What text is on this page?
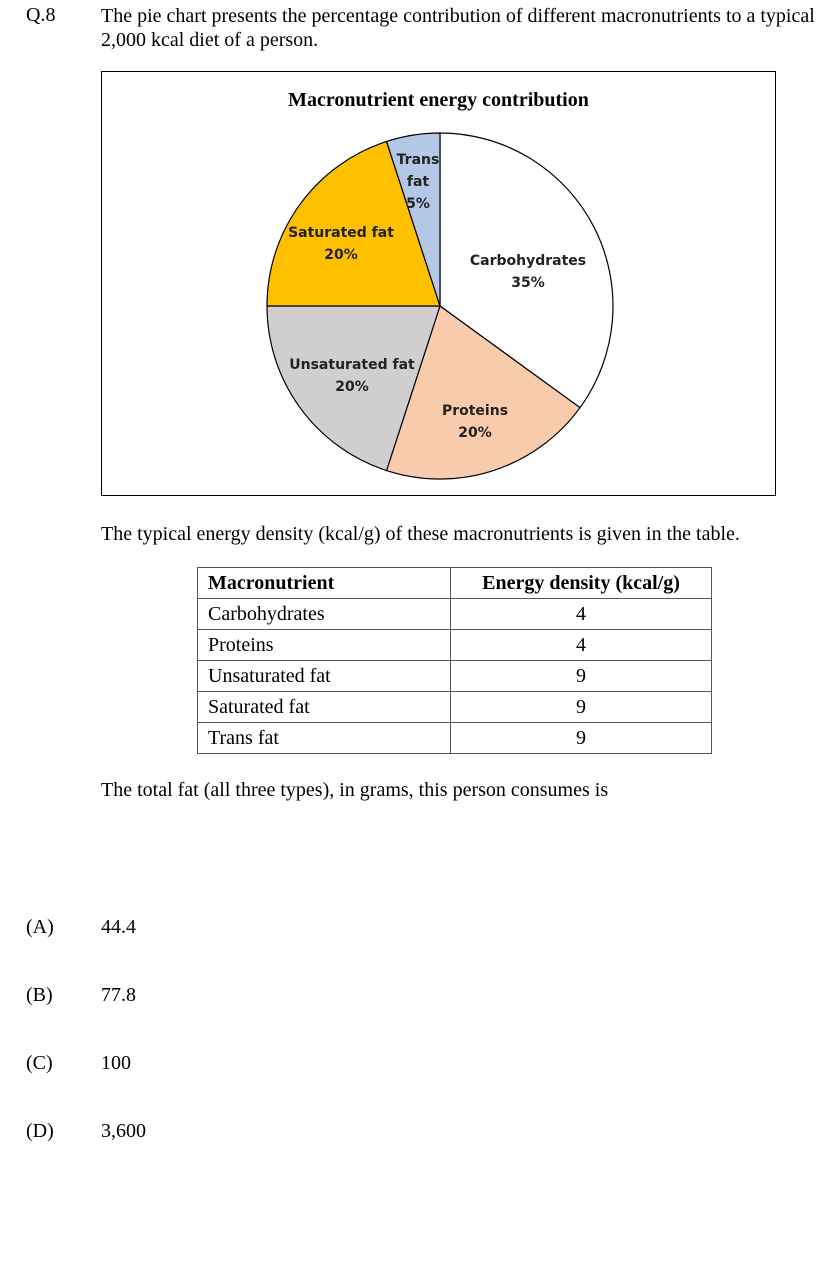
Q.8 The pie chart presents the percentage contribution of different macronutrients to a typical 2,000 kcal diet of a person.
Macronutrient energy contribution
Carbohydrates 35%
Proteins 20%
Unsaturated fat 20%
Saturated fat 20%
Trans fat 5%
The typical energy density (kcal/g) of these macronutrients is given in the table.
Macronutrient	Energy density (kcal/g)
Carbohydrates	4
Proteins	4
Unsaturated fat	9
Saturated fat	9
Trans fat	9
The total fat (all three types), in grams, this person consumes is
(A) 44.4
(B) 77.8
(C) 100
(D) 3,600
